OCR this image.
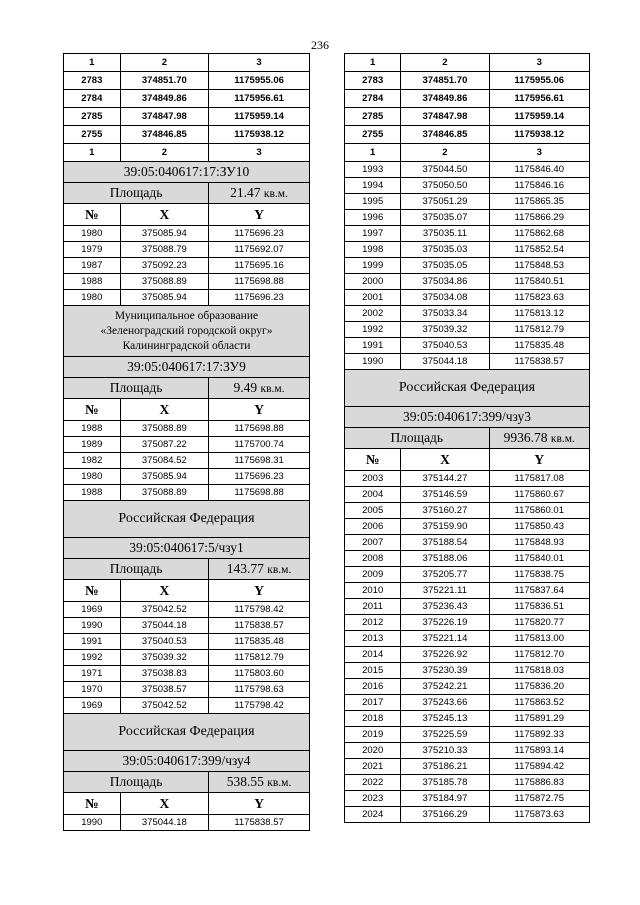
236
1	2	3
2783	374851.70	1175955.06
2784	374849.86	1175956.61
2785	374847.98	1175959.14
2755	374846.85	1175938.12
1	2	3
39:05:040617:17:ЗУ10		
Площадь		21.47 кв.м.
№	X	Y
1980	375085.94	1175696.23
1979	375088.79	1175692.07
1987	375092.23	1175695.16
1988	375088.89	1175698.88
1980	375085.94	1175696.23

Муниципальное образование
«Зеленоградский городской округ»
Калининградской области		

39:05:040617:17:ЗУ9		
Площадь		9.49 кв.м.
№	X	Y
1988	375088.89	1175698.88
1989	375087.22	1175700.74
1982	375084.52	1175698.31
1980	375085.94	1175696.23
1988	375088.89	1175698.88
Российская Федерация		
39:05:040617:5/чзу1		
Площадь		143.77 кв.м.
№	X	Y
1969	375042.52	1175798.42
1990	375044.18	1175838.57
1991	375040.53	1175835.48
1992	375039.32	1175812.79
1971	375038.83	1175803.60
1970	375038.57	1175798.63
1969	375042.52	1175798.42
Российская Федерация		
39:05:040617:399/чзу4		
Площадь		538.55 кв.м.
№	X	Y
1990	375044.18	1175838.57
1	2	3
2783	374851.70	1175955.06
2784	374849.86	1175956.61
2785	374847.98	1175959.14
2755	374846.85	1175938.12
1	2	3
1993	375044.50	1175846.40
1994	375050.50	1175846.16
1995	375051.29	1175865.35
1996	375035.07	1175866.29
1997	375035.11	1175862.68
1998	375035.03	1175852.54
1999	375035.05	1175848.53
2000	375034.86	1175840.51
2001	375034.08	1175823.63
2002	375033.34	1175813.12
1992	375039.32	1175812.79
1991	375040.53	1175835.48
1990	375044.18	1175838.57
Российская Федерация		
39:05:040617:399/чзу3		
Площадь		9936.78 кв.м.
№	X	Y
2003	375144.27	1175817.08
2004	375146.59	1175860.67
2005	375160.27	1175860.01
2006	375159.90	1175850.43
2007	375188.54	1175848.93
2008	375188.06	1175840.01
2009	375205.77	1175838.75
2010	375221.11	1175837.64
2011	375236.43	1175836.51
2012	375226.19	1175820.77
2013	375221.14	1175813.00
2014	375226.92	1175812.70
2015	375230.39	1175818.03
2016	375242.21	1175836.20
2017	375243.66	1175863.52
2018	375245.13	1175891.29
2019	375225.59	1175892.33
2020	375210.33	1175893.14
2021	375186.21	1175894.42
2022	375185.78	1175886.83
2023	375184.97	1175872.75
2024	375166.29	1175873.63
